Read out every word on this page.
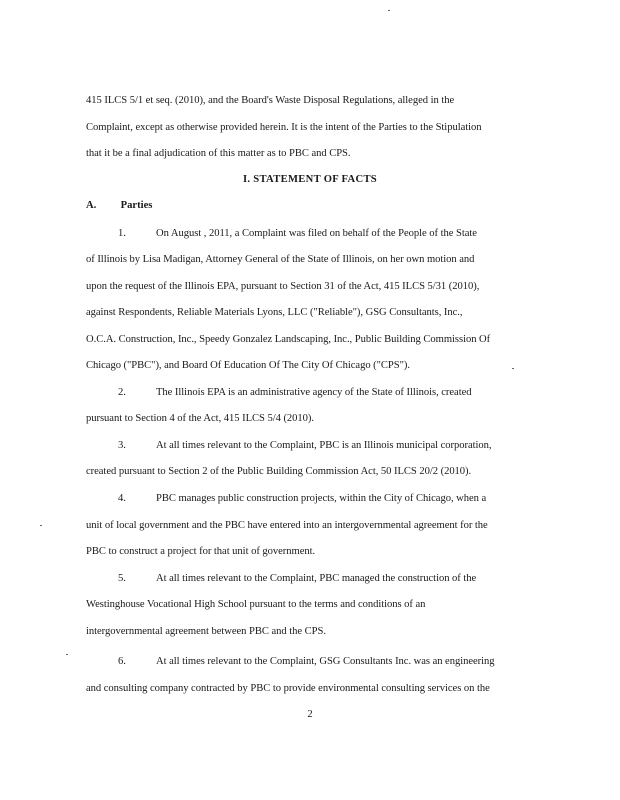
415 ILCS 5/1 et seq. (2010), and the Board's Waste Disposal Regulations, alleged in the
Complaint, except as otherwise provided herein. It is the intent of the Parties to the Stipulation
that it be a final adjudication of this matter as to PBC and CPS.
I. STATEMENT OF FACTS
A. Parties
1.	On August , 2011, a Complaint was filed on behalf of the People of the State
of Illinois by Lisa Madigan, Attorney General of the State of Illinois, on her own motion and
upon the request of the Illinois EPA, pursuant to Section 31 of the Act, 415 ILCS 5/31 (2010),
against Respondents, Reliable Materials Lyons, LLC ("Reliable"), GSG Consultants, Inc.,
O.C.A. Construction, Inc., Speedy Gonzalez Landscaping, Inc., Public Building Commission Of
Chicago ("PBC"), and Board Of Education Of The City Of Chicago ("CPS").
2.	The Illinois EPA is an administrative agency of the State of Illinois, created
pursuant to Section 4 of the Act, 415 ILCS 5/4 (2010).
3.	At all times relevant to the Complaint, PBC is an Illinois municipal corporation,
created pursuant to Section 2 of the Public Building Commission Act, 50 ILCS 20/2 (2010).
4.	PBC manages public construction projects, within the City of Chicago, when a
unit of local government and the PBC have entered into an intergovernmental agreement for the
PBC to construct a project for that unit of government.
5.	At all times relevant to the Complaint, PBC managed the construction of the
Westinghouse Vocational High School pursuant to the terms and conditions of an
intergovernmental agreement between PBC and the CPS.
6.	At all times relevant to the Complaint, GSG Consultants Inc. was an engineering
and consulting company contracted by PBC to provide environmental consulting services on the
2
